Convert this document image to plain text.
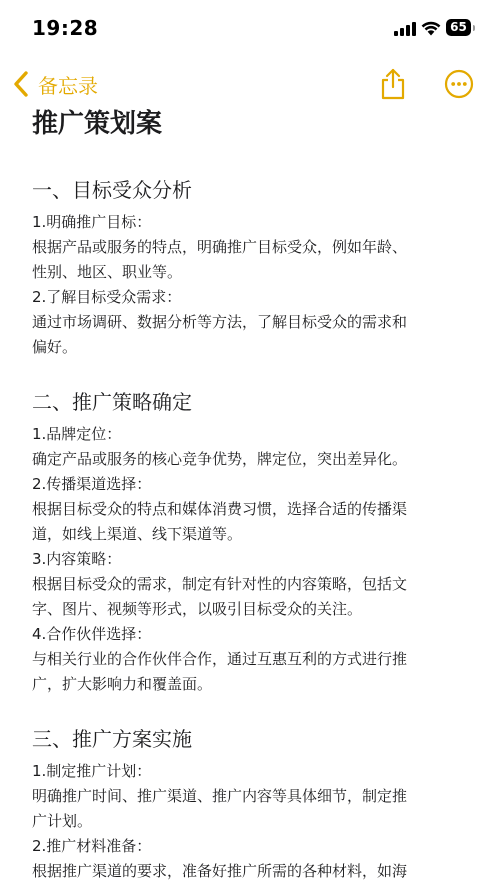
19:28	65
备忘录
推广策划案
一、目标受众分析
1.明确推广目标：
根据产品或服务的特点，明确推广目标受众，例如年龄、
性别、地区、职业等。
2.了解目标受众需求：
通过市场调研、数据分析等方法，了解目标受众的需求和
偏好。
二、推广策略确定
1.品牌定位：
确定产品或服务的核心竞争优势，牌定位，突出差异化。
2.传播渠道选择：
根据目标受众的特点和媒体消费习惯，选择合适的传播渠
道，如线上渠道、线下渠道等。
3.内容策略：
根据目标受众的需求，制定有针对性的内容策略，包括文
字、图片、视频等形式，以吸引目标受众的关注。
4.合作伙伴选择：
与相关行业的合作伙伴合作，通过互惠互利的方式进行推
广，扩大影响力和覆盖面。
三、推广方案实施
1.制定推广计划：
明确推广时间、推广渠道、推广内容等具体细节，制定推
广计划。
2.推广材料准备：
根据推广渠道的要求，准备好推广所需的各种材料，如海
